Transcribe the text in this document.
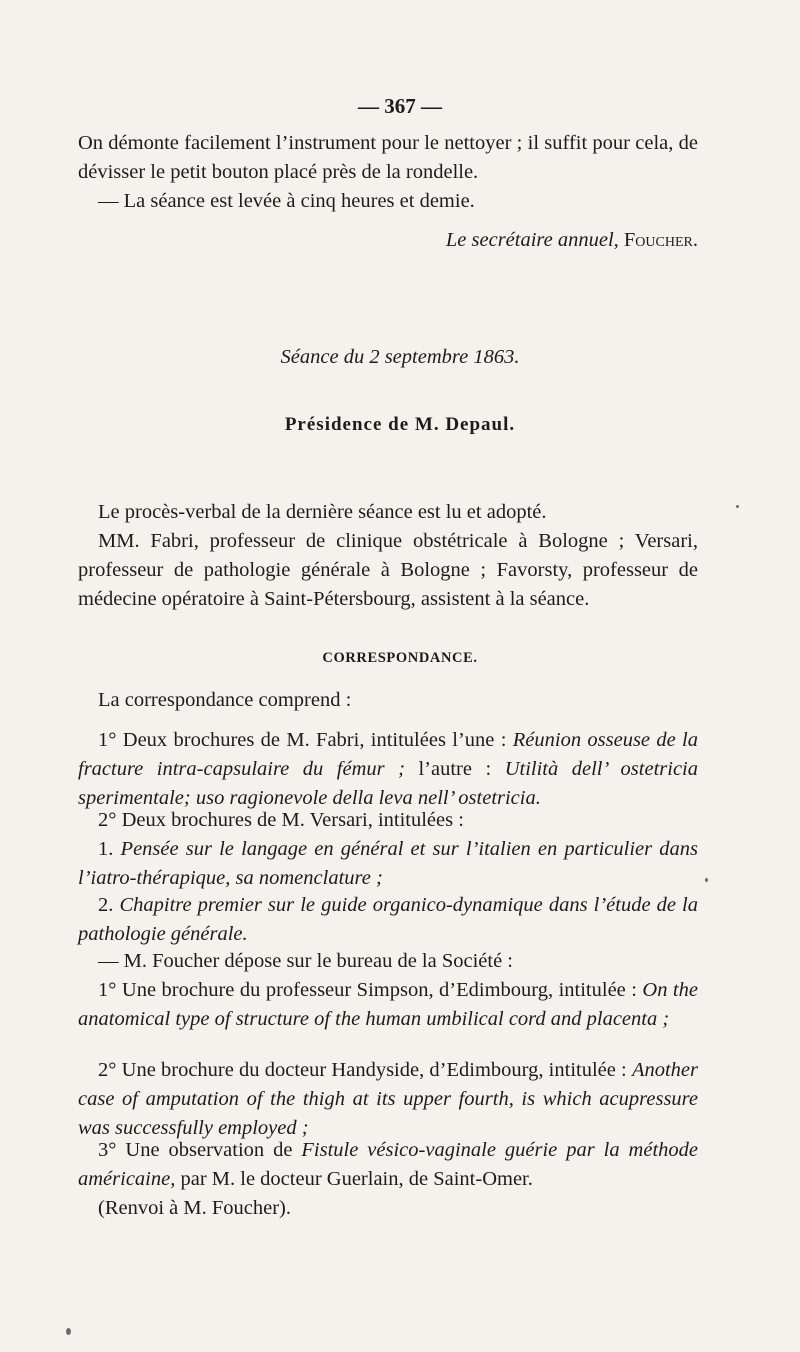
— 367 —

On démonte facilement l’instrument pour le nettoyer ; il suffit pour cela, de dévisser le petit bouton placé près de la rondelle.

— La séance est levée à cinq heures et demie.

Le secrétaire annuel, Foucher.

Séance du 2 septembre 1863.

Présidence de M. Depaul.

Le procès-verbal de la dernière séance est lu et adopté.

MM. Fabri, professeur de clinique obstétricale à Bologne ; Versari, professeur de pathologie générale à Bologne ; Favorsty, professeur de médecine opératoire à Saint-Pétersbourg, assistent à la séance.

CORRESPONDANCE.

La correspondance comprend :

1° Deux brochures de M. Fabri, intitulées l’une : Réunion osseuse de la fracture intra-capsulaire du fémur ; l’autre : Utilità dell’ ostetricia sperimentale; uso ragionevole della leva nell’ ostetricia.

2° Deux brochures de M. Versari, intitulées :

1. Pensée sur le langage en général et sur l’italien en particulier dans l’iatro-thérapique, sa nomenclature ;

2. Chapitre premier sur le guide organico-dynamique dans l’étude de la pathologie générale.

— M. Foucher dépose sur le bureau de la Société :

1° Une brochure du professeur Simpson, d’Edimbourg, intitulée : On the anatomical type of structure of the human umbilical cord and placenta ;

2° Une brochure du docteur Handyside, d’Edimbourg, intitulée : Another case of amputation of the thigh at its upper fourth, is which acupressure was successfully employed ;

3° Une observation de Fistule vésico-vaginale guérie par la méthode américaine, par M. le docteur Guerlain, de Saint-Omer.

(Renvoi à M. Foucher).
